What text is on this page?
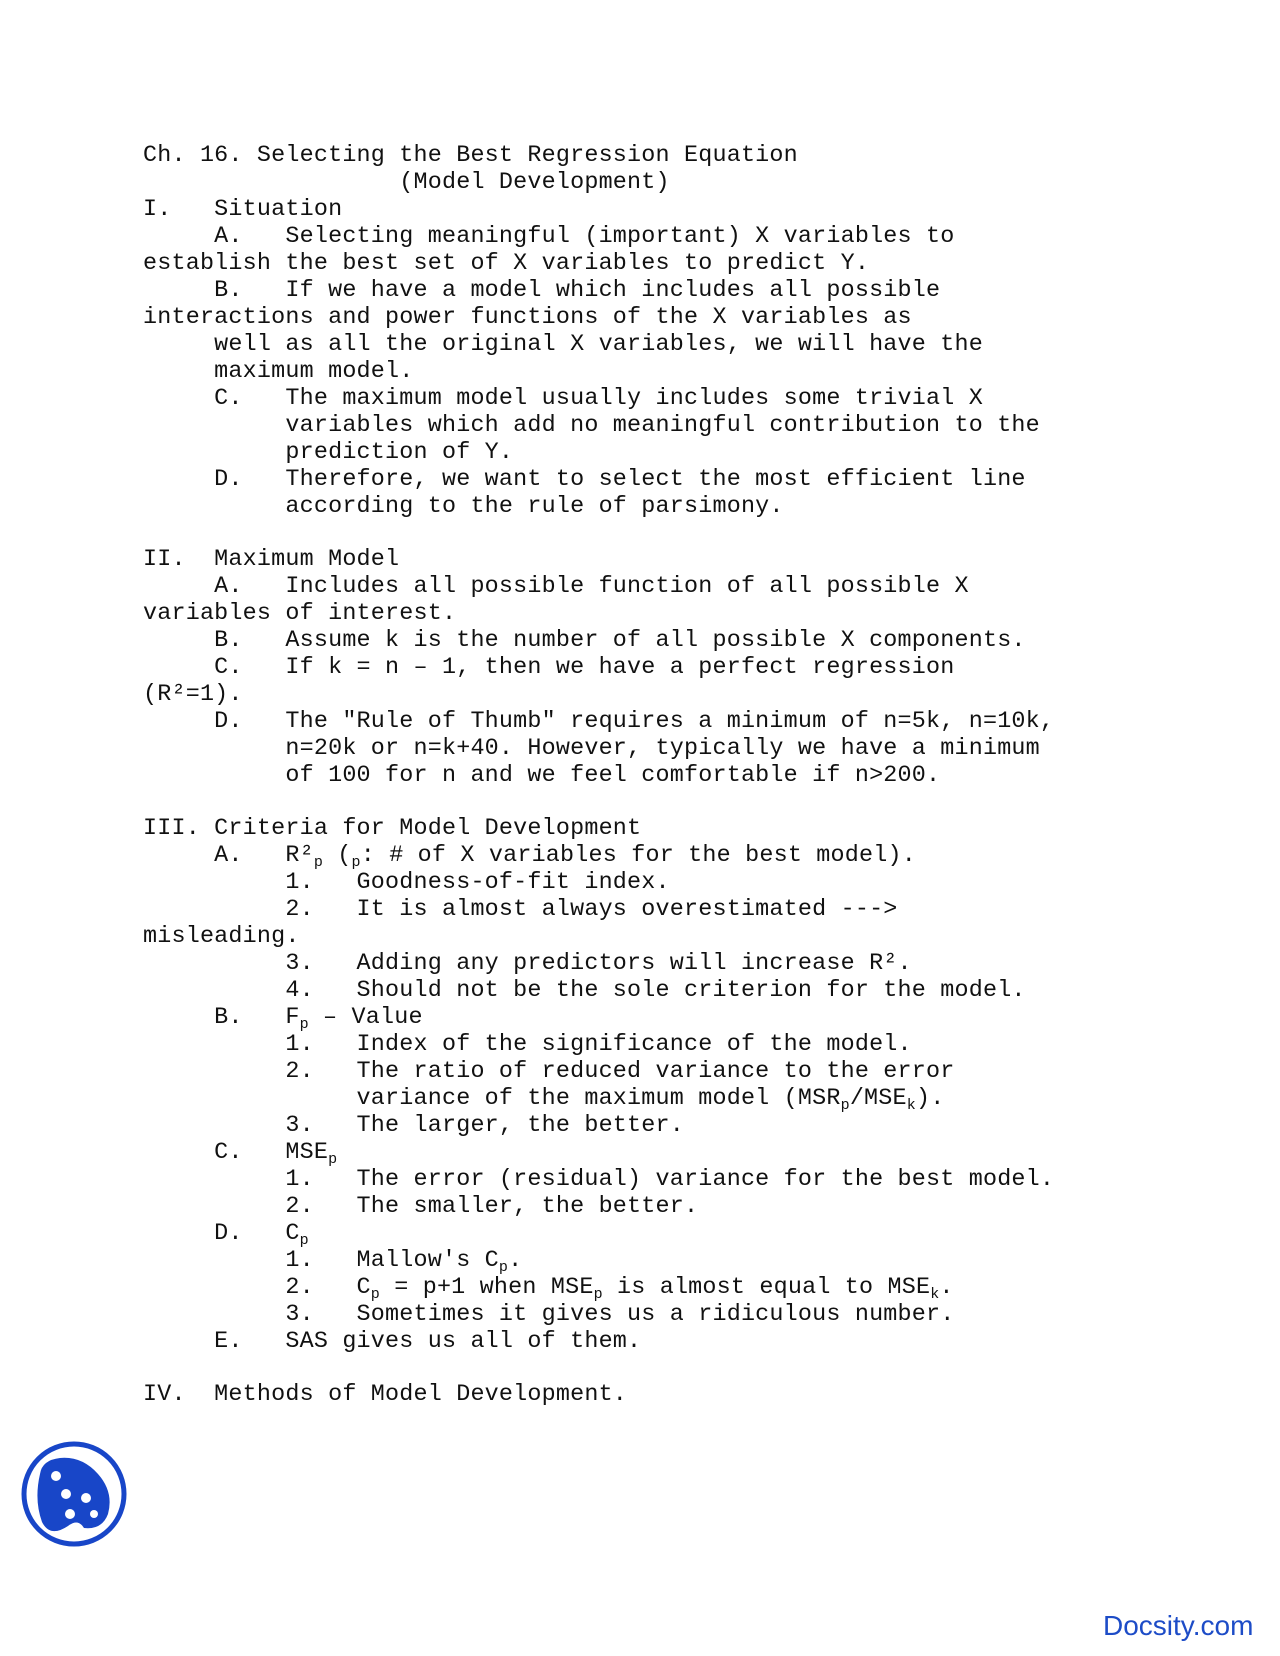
Ch. 16. Selecting the Best Regression Equation
(Model Development)
I.   Situation
A.   Selecting meaningful (important) X variables to
establish the best set of X variables to predict Y.
B.   If we have a model which includes all possible
interactions and power functions of the X variables as
well as all the original X variables, we will have the
maximum model.
C.   The maximum model usually includes some trivial X
variables which add no meaningful contribution to the
prediction of Y.
D.   Therefore, we want to select the most efficient line
according to the rule of parsimony.
II.  Maximum Model
A.   Includes all possible function of all possible X
variables of interest.
B.   Assume k is the number of all possible X components.
C.   If k = n – 1, then we have a perfect regression
(R²=1).
D.   The "Rule of Thumb" requires a minimum of n=5k, n=10k,
n=20k or n=k+40. However, typically we have a minimum
of 100 for n and we feel comfortable if n>200.
III. Criteria for Model Development
A.   $R^2_p$ ($_p$: # of X variables for the best model).
1.   Goodness-of-fit index.
2.   It is almost always overestimated --->
misleading.
3.   Adding any predictors will increase R².
4.   Should not be the sole criterion for the model.
B.   $F_p$ – Value
1.   Index of the significance of the model.
2.   The ratio of reduced variance to the error
variance of the maximum model $(MSR_p/MSE_k)$.
3.   The larger, the better.
C.   $MSE_p$
1.   The error (residual) variance for the best model.
2.   The smaller, the better.
D.   $C_p$
1.   Mallow's $C_p$.
2.   $C_p = p+1$ when $MSE_p$ is almost equal to $MSE_k$.
3.   Sometimes it gives us a ridiculous number.
E.   SAS gives us all of them.
IV.  Methods of Model Development.
Docsity.com
